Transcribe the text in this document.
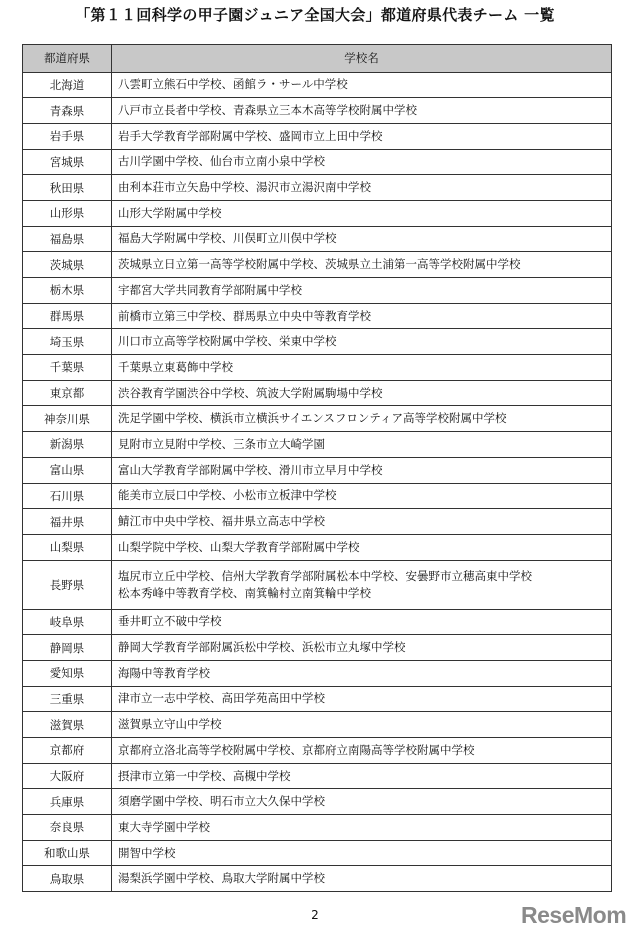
「第１１回科学の甲子園ジュニア全国大会」都道府県代表チーム 一覧
都道府県	学校名
北海道	八雲町立熊石中学校、函館ラ・サール中学校

青森県	八戸市立長者中学校、青森県立三本木高等学校附属中学校

岩手県	岩手大学教育学部附属中学校、盛岡市立上田中学校

宮城県	古川学園中学校、仙台市立南小泉中学校

秋田県	由利本荘市立矢島中学校、湯沢市立湯沢南中学校

山形県	山形大学附属中学校

福島県	福島大学附属中学校、川俣町立川俣中学校

茨城県	茨城県立日立第一高等学校附属中学校、茨城県立土浦第一高等学校附属中学校

栃木県	宇都宮大学共同教育学部附属中学校

群馬県	前橋市立第三中学校、群馬県立中央中等教育学校

埼玉県	川口市立高等学校附属中学校、栄東中学校

千葉県	千葉県立東葛飾中学校

東京都	渋谷教育学園渋谷中学校、筑波大学附属駒場中学校

神奈川県	洗足学園中学校、横浜市立横浜サイエンスフロンティア高等学校附属中学校

新潟県	見附市立見附中学校、三条市立大崎学園

富山県	富山大学教育学部附属中学校、滑川市立早月中学校

石川県	能美市立辰口中学校、小松市立板津中学校

福井県	鯖江市中央中学校、福井県立高志中学校

山梨県	山梨学院中学校、山梨大学教育学部附属中学校

長野県	塩尻市立丘中学校、信州大学教育学部附属松本中学校、安曇野市立穂高東中学校
松本秀峰中等教育学校、南箕輪村立南箕輪中学校

岐阜県	垂井町立不破中学校

静岡県	静岡大学教育学部附属浜松中学校、浜松市立丸塚中学校

愛知県	海陽中等教育学校

三重県	津市立一志中学校、高田学苑高田中学校

滋賀県	滋賀県立守山中学校

京都府	京都府立洛北高等学校附属中学校、京都府立南陽高等学校附属中学校

大阪府	摂津市立第一中学校、高槻中学校

兵庫県	須磨学園中学校、明石市立大久保中学校

奈良県	東大寺学園中学校

和歌山県	開智中学校

鳥取県	湯梨浜学園中学校、鳥取大学附属中学校
2	ReseMom
